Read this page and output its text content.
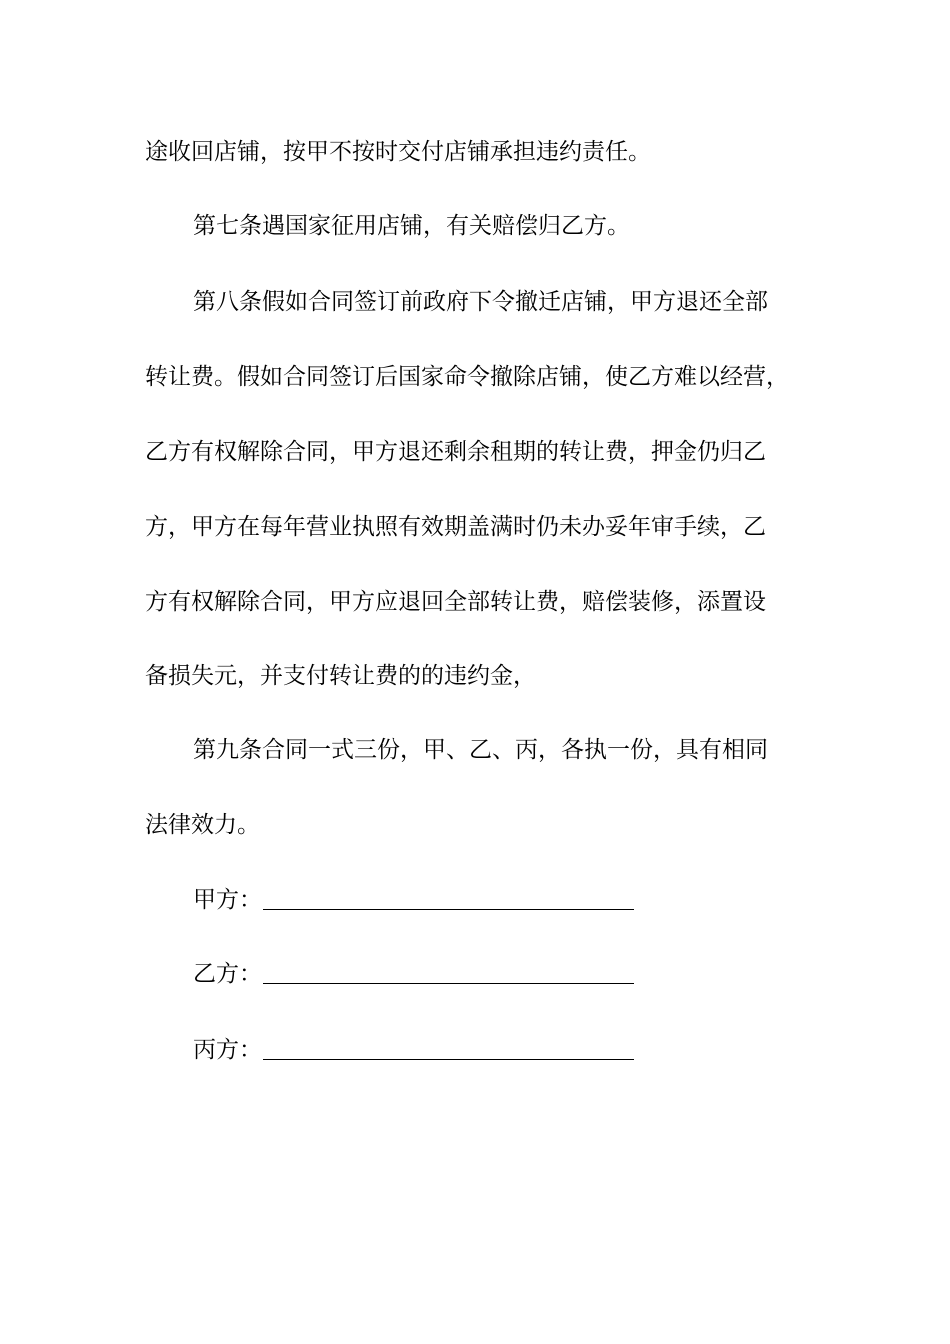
途收回店铺，按甲不按时交付店铺承担违约责任。
第七条遇国家征用店铺，有关赔偿归乙方。
第八条假如合同签订前政府下令撤迁店铺，甲方退还全部
转让费。假如合同签订后国家命令撤除店铺，使乙方难以经营，
乙方有权解除合同，甲方退还剩余租期的转让费，押金仍归乙
方，甲方在每年营业执照有效期盖满时仍未办妥年审手续，乙
方有权解除合同，甲方应退回全部转让费，赔偿装修，添置设
备损失元，并支付转让费的的违约金，
第九条合同一式三份，甲、乙、丙，各执一份，具有相同
法律效力。
甲方 ：
乙方 ：
丙方 ：
